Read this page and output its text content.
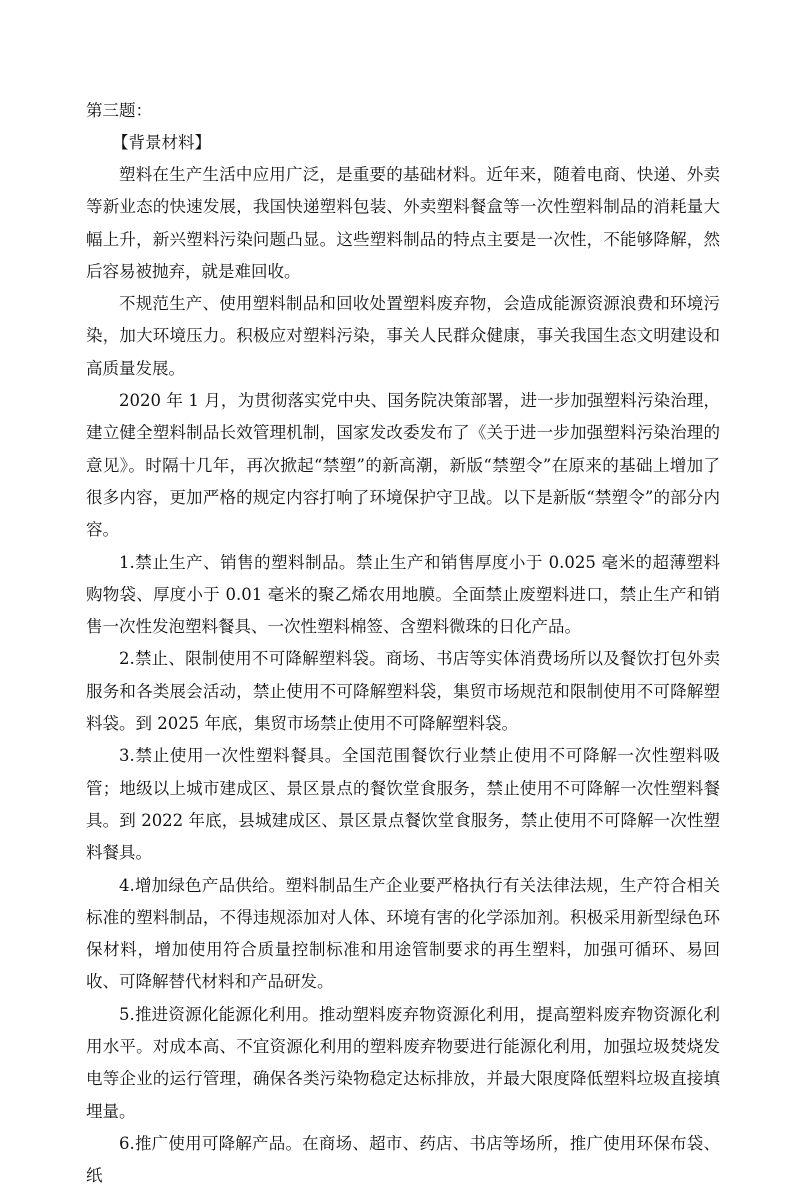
第三题：

【背景材料】

塑料在生产生活中应用广泛，是重要的基础材料。近年来，随着电商、快递、外卖等新业态的快速发展，我国快递塑料包装、外卖塑料餐盒等一次性塑料制品的消耗量大幅上升，新兴塑料污染问题凸显。这些塑料制品的特点主要是一次性，不能够降解，然后容易被抛弃，就是难回收。

不规范生产、使用塑料制品和回收处置塑料废弃物，会造成能源资源浪费和环境污染，加大环境压力。积极应对塑料污染，事关人民群众健康，事关我国生态文明建设和高质量发展。

2020 年 1 月，为贯彻落实党中央、国务院决策部署，进一步加强塑料污染治理，建立健全塑料制品长效管理机制，国家发改委发布了《关于进一步加强塑料污染治理的意见》。时隔十几年，再次掀起“禁塑”的新高潮，新版“禁塑令”在原来的基础上增加了很多内容，更加严格的规定内容打响了环境保护守卫战。以下是新版“禁塑令”的部分内容。

1.禁止生产、销售的塑料制品。禁止生产和销售厚度小于 0.025 毫米的超薄塑料购物袋、厚度小于 0.01 毫米的聚乙烯农用地膜。全面禁止废塑料进口，禁止生产和销售一次性发泡塑料餐具、一次性塑料棉签、含塑料微珠的日化产品。

2.禁止、限制使用不可降解塑料袋。商场、书店等实体消费场所以及餐饮打包外卖服务和各类展会活动，禁止使用不可降解塑料袋，集贸市场规范和限制使用不可降解塑料袋。到 2025 年底，集贸市场禁止使用不可降解塑料袋。

3.禁止使用一次性塑料餐具。全国范围餐饮行业禁止使用不可降解一次性塑料吸管；地级以上城市建成区、景区景点的餐饮堂食服务，禁止使用不可降解一次性塑料餐具。到 2022 年底，县城建成区、景区景点餐饮堂食服务，禁止使用不可降解一次性塑料餐具。

4.增加绿色产品供给。塑料制品生产企业要严格执行有关法律法规，生产符合相关标准的塑料制品，不得违规添加对人体、环境有害的化学添加剂。积极采用新型绿色环保材料，增加使用符合质量控制标准和用途管制要求的再生塑料，加强可循环、易回收、可降解替代材料和产品研发。

5.推进资源化能源化利用。推动塑料废弃物资源化利用，提高塑料废弃物资源化利用水平。对成本高、不宜资源化利用的塑料废弃物要进行能源化利用，加强垃圾焚烧发电等企业的运行管理，确保各类污染物稳定达标排放，并最大限度降低塑料垃圾直接填埋量。

6.推广使用可降解产品。在商场、超市、药店、书店等场所，推广使用环保布袋、纸
